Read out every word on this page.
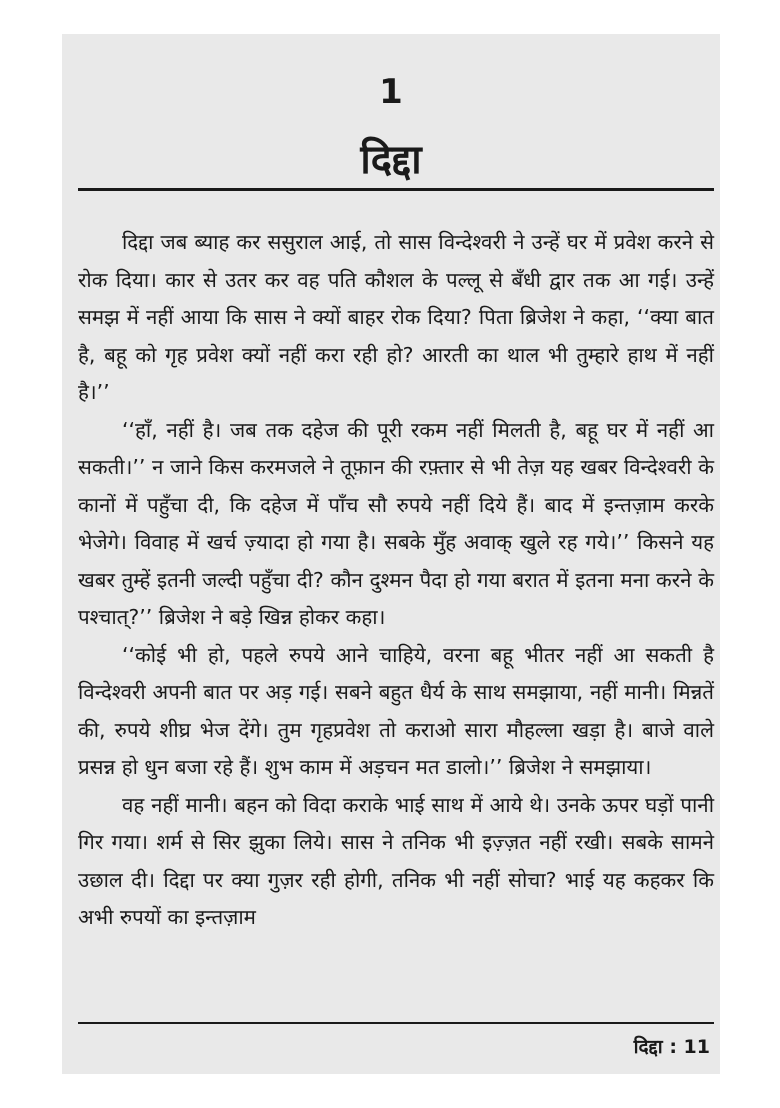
1
दिद्दा

दिद्दा जब ब्याह कर ससुराल आई, तो सास विन्देश्वरी ने उन्हें घर में प्रवेश करने से रोक दिया। कार से उतर कर वह पति कौशल के पल्लू से बँधी द्वार तक आ गई। उन्हें समझ में नहीं आया कि सास ने क्यों बाहर रोक दिया? पिता ब्रिजेश ने कहा, ‘‘क्या बात है, बहू को गृह प्रवेश क्यों नहीं करा रही हो? आरती का थाल भी तुम्हारे हाथ में नहीं है।’’

‘‘हाँ, नहीं है। जब तक दहेज की पूरी रकम नहीं मिलती है, बहू घर में नहीं आ सकती।’’ न जाने किस करमजले ने तूफ़ान की रफ़्तार से भी तेज़ यह खबर विन्देश्वरी के कानों में पहुँचा दी, कि दहेज में पाँच सौ रुपये नहीं दिये हैं। बाद में इन्तज़ाम करके भेजेगे। विवाह में खर्च ज़्यादा हो गया है। सबके मुँह अवाक् खुले रह गये।’’ किसने यह खबर तुम्हें इतनी जल्दी पहुँचा दी? कौन दुश्मन पैदा हो गया बरात में इतना मना करने के पश्चात्?’’ ब्रिजेश ने बड़े खिन्न होकर कहा।

‘‘कोई भी हो, पहले रुपये आने चाहिये, वरना बहू भीतर नहीं आ सकती है विन्देश्वरी अपनी बात पर अड़ गई। सबने बहुत धैर्य के साथ समझाया, नहीं मानी। मिन्नतें की, रुपये शीघ्र भेज देंगे। तुम गृहप्रवेश तो कराओ सारा मौहल्ला खड़ा है। बाजे वाले प्रसन्न हो धुन बजा रहे हैं। शुभ काम में अड़चन मत डालो।’’ ब्रिजेश ने समझाया।

वह नहीं मानी। बहन को विदा कराके भाई साथ में आये थे। उनके ऊपर घड़ों पानी गिर गया। शर्म से सिर झुका लिये। सास ने तनिक भी इज़्ज़त नहीं रखी। सबके सामने उछाल दी। दिद्दा पर क्या गुज़र रही होगी, तनिक भी नहीं सोचा? भाई यह कहकर कि अभी रुपयों का इन्तज़ाम

दिद्दा : 11
